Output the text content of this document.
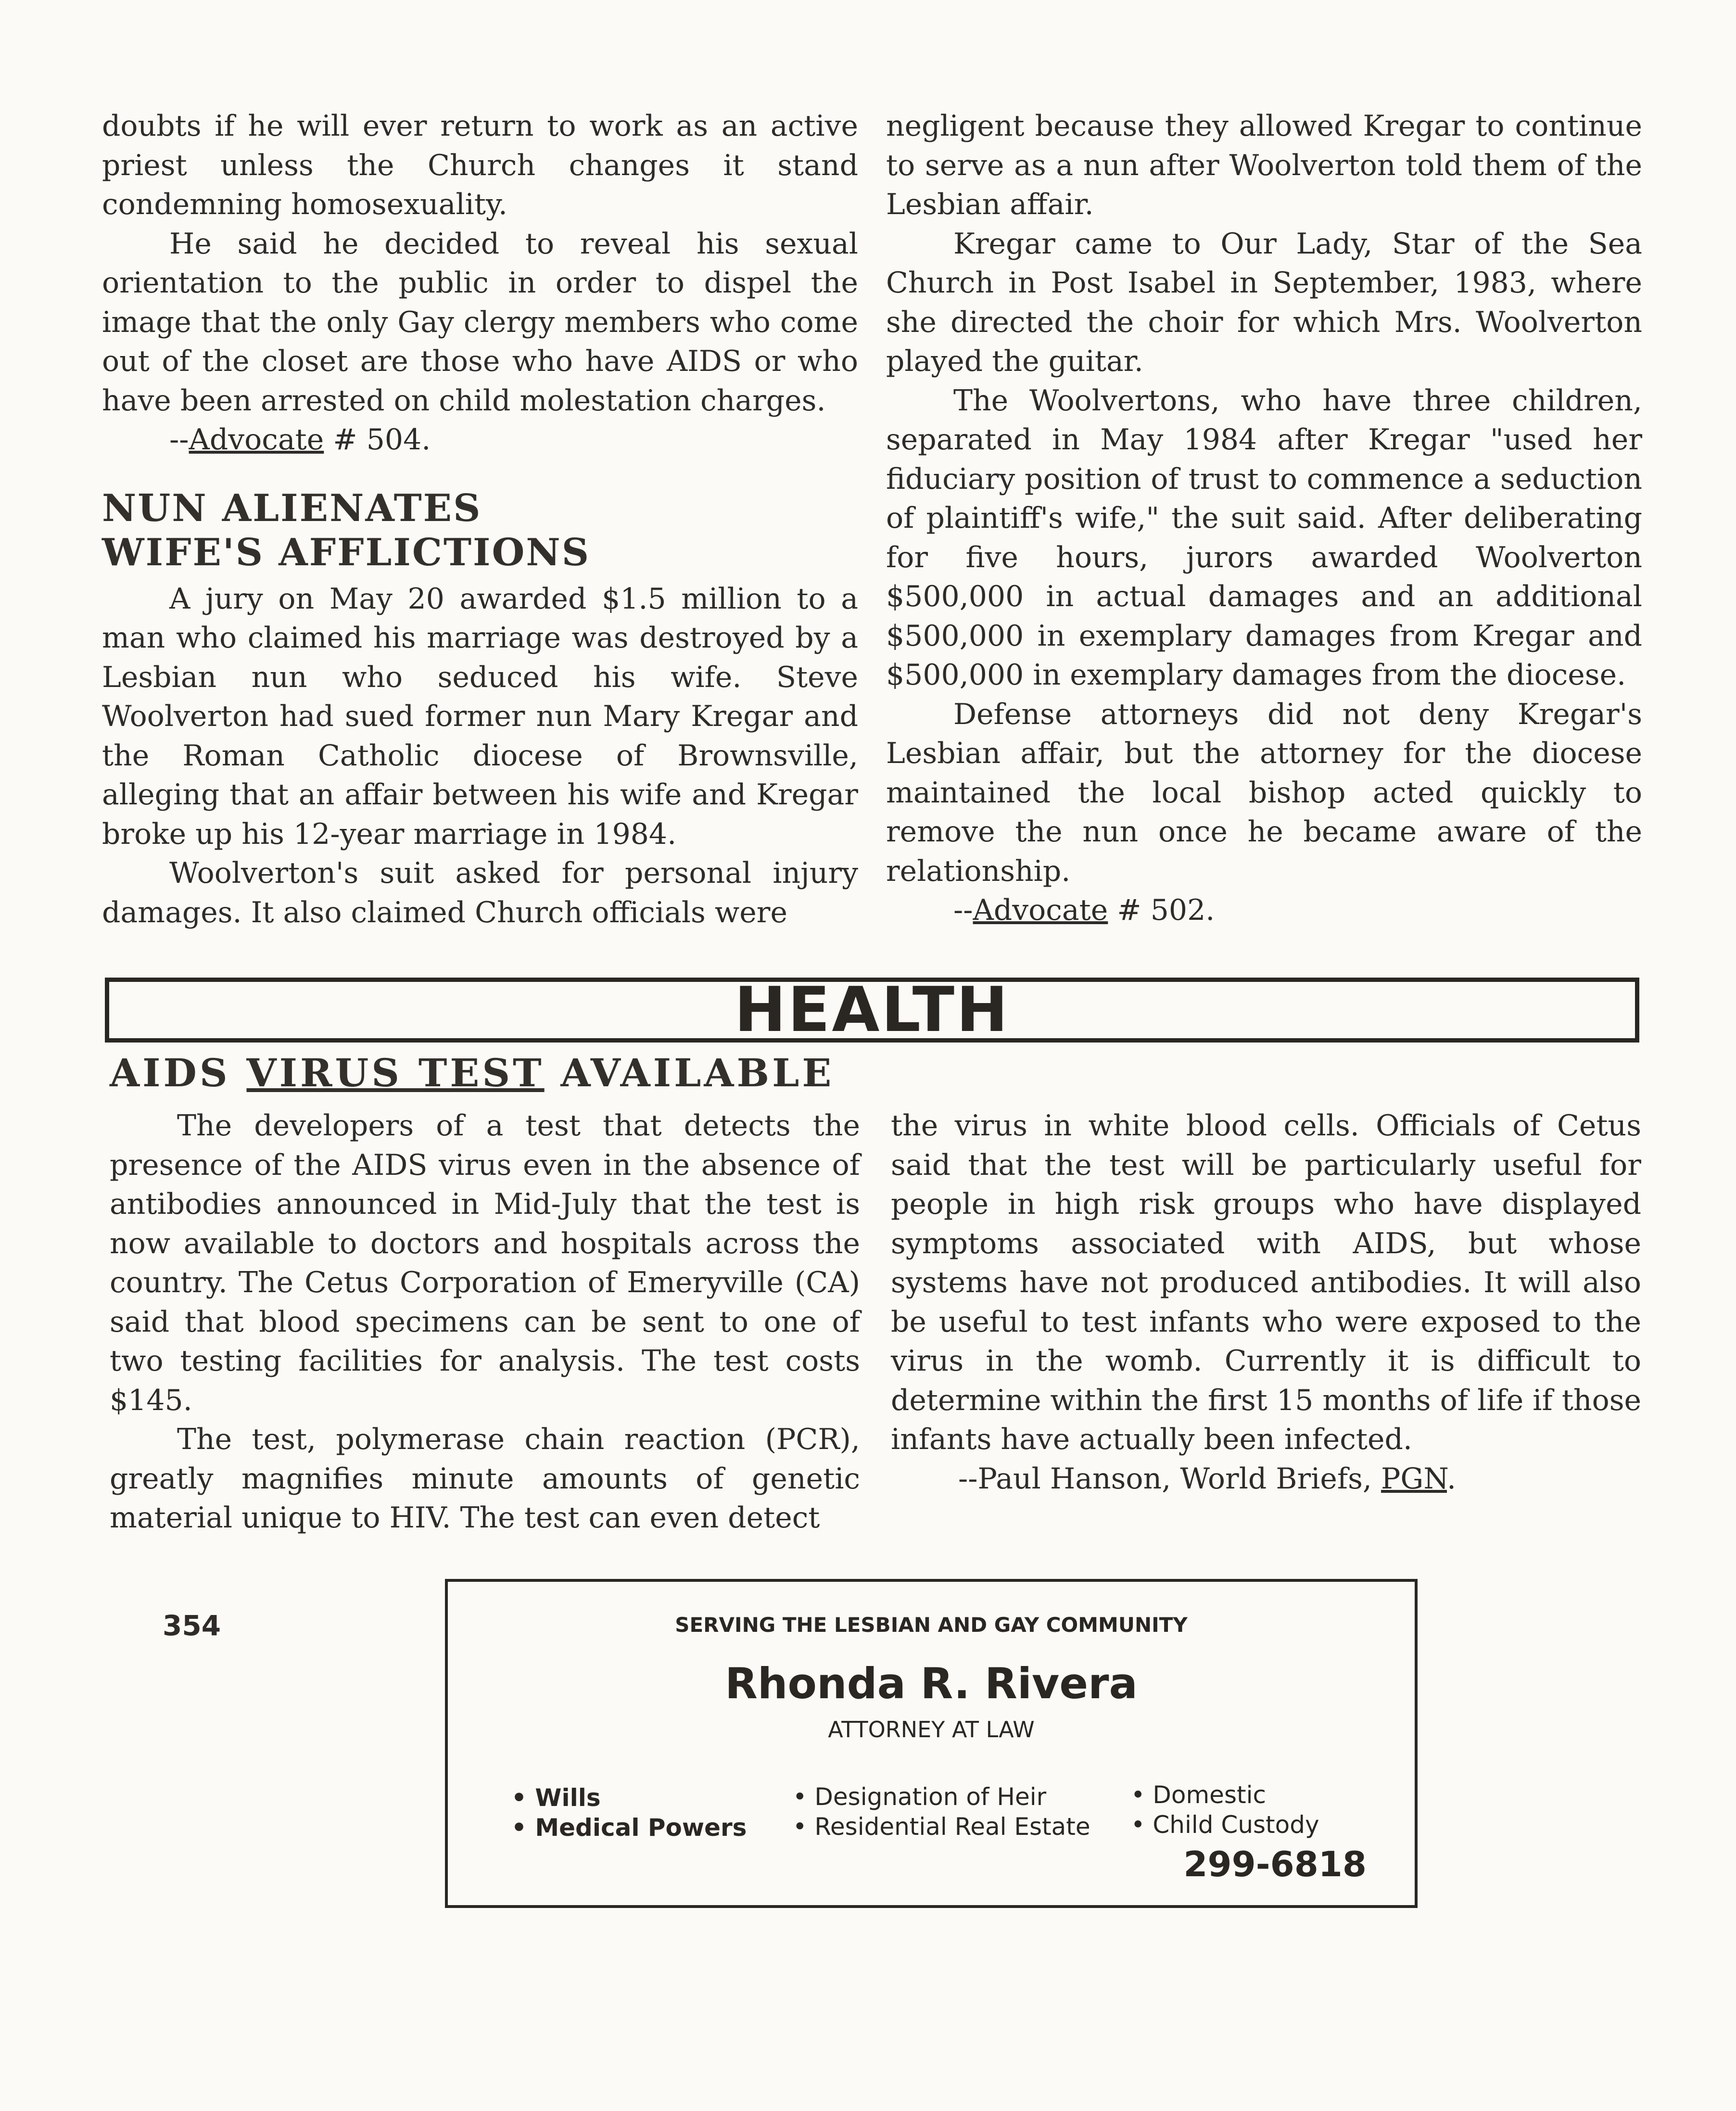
doubts if he will ever return to work as an active priest unless the Church changes it stand condemning homosexuality.

He said he decided to reveal his sexual orientation to the public in order to dispel the image that the only Gay clergy members who come out of the closet are those who have AIDS or who have been arrested on child molestation charges.

--Advocate # 504.

NUN ALIENATES
WIFE'S AFFLICTIONS

A jury on May 20 awarded $1.5 million to a man who claimed his marriage was destroyed by a Lesbian nun who seduced his wife. Steve Woolverton had sued former nun Mary Kregar and the Roman Catholic diocese of Brownsville, alleging that an affair between his wife and Kregar broke up his 12-year marriage in 1984.

Woolverton's suit asked for personal injury damages. It also claimed Church officials were

negligent because they allowed Kregar to continue to serve as a nun after Woolverton told them of the Lesbian affair.

Kregar came to Our Lady, Star of the Sea Church in Post Isabel in September, 1983, where she directed the choir for which Mrs. Woolverton played the guitar.

The Woolvertons, who have three children, separated in May 1984 after Kregar "used her fiduciary position of trust to commence a seduction of plaintiff's wife," the suit said. After deliberating for five hours, jurors awarded Woolverton $500,000 in actual damages and an additional $500,000 in exemplary damages from Kregar and $500,000 in exemplary damages from the diocese.

Defense attorneys did not deny Kregar's Lesbian affair, but the attorney for the diocese maintained the local bishop acted quickly to remove the nun once he became aware of the relationship.

--Advocate # 502.

HEALTH
AIDS VIRUS TEST AVAILABLE

The developers of a test that detects the presence of the AIDS virus even in the absence of antibodies announced in Mid-July that the test is now available to doctors and hospitals across the country. The Cetus Corporation of Emeryville (CA) said that blood specimens can be sent to one of two testing facilities for analysis. The test costs $145.

The test, polymerase chain reaction (PCR), greatly magnifies minute amounts of genetic material unique to HIV. The test can even detect

the virus in white blood cells. Officials of Cetus said that the test will be particularly useful for people in high risk groups who have displayed symptoms associated with AIDS, but whose systems have not produced antibodies. It will also be useful to test infants who were exposed to the virus in the womb. Currently it is difficult to determine within the first 15 months of life if those infants have actually been infected.

--Paul Hanson, World Briefs, PGN.

354	SERVING THE LESBIAN AND GAY COMMUNITY
Rhonda R. Rivera
ATTORNEY AT LAW
• Wills
• Medical Powers
• Designation of Heir
• Residential Real Estate
• Domestic
• Child Custody
299-6818
